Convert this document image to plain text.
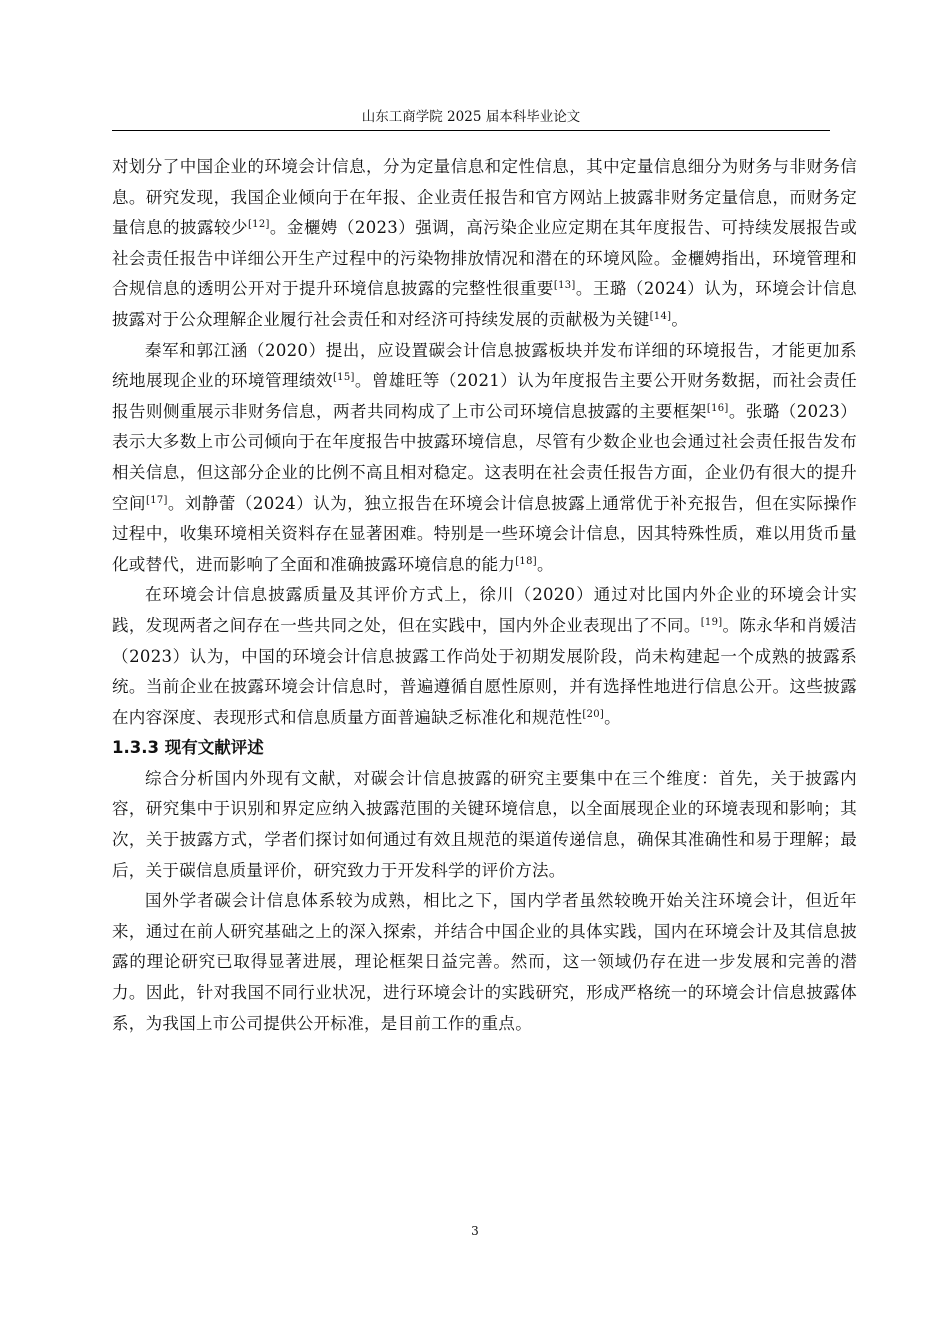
山东工商学院 2025 届本科毕业论文

对划分了中国企业的环境会计信息，分为定量信息和定性信息，其中定量信息细分为财务与非财务信息。研究发现，我国企业倾向于在年报、企业责任报告和官方网站上披露非财务定量信息，而财务定量信息的披露较少[12]。金欐娉（2023）强调，高污染企业应定期在其年度报告、可持续发展报告或社会责任报告中详细公开生产过程中的污染物排放情况和潜在的环境风险。金欐娉指出，环境管理和合规信息的透明公开对于提升环境信息披露的完整性很重要[13]。王璐（2024）认为，环境会计信息披露对于公众理解企业履行社会责任和对经济可持续发展的贡献极为关键[14]。

秦军和郭江涵（2020）提出，应设置碳会计信息披露板块并发布详细的环境报告，才能更加系统地展现企业的环境管理绩效[15]。曾雄旺等（2021）认为年度报告主要公开财务数据，而社会责任报告则侧重展示非财务信息，两者共同构成了上市公司环境信息披露的主要框架[16]。张璐（2023）表示大多数上市公司倾向于在年度报告中披露环境信息，尽管有少数企业也会通过社会责任报告发布相关信息，但这部分企业的比例不高且相对稳定。这表明在社会责任报告方面，企业仍有很大的提升空间[17]。刘静蕾（2024）认为，独立报告在环境会计信息披露上通常优于补充报告，但在实际操作过程中，收集环境相关资料存在显著困难。特别是一些环境会计信息，因其特殊性质，难以用货币量化或替代，进而影响了全面和准确披露环境信息的能力[18]。

在环境会计信息披露质量及其评价方式上，徐川（2020）通过对比国内外企业的环境会计实践，发现两者之间存在一些共同之处，但在实践中，国内外企业表现出了不同。[19]。陈永华和肖媛洁（2023）认为，中国的环境会计信息披露工作尚处于初期发展阶段，尚未构建起一个成熟的披露系统。当前企业在披露环境会计信息时，普遍遵循自愿性原则，并有选择性地进行信息公开。这些披露在内容深度、表现形式和信息质量方面普遍缺乏标准化和规范性[20]。

1.3.3 现有文献评述

综合分析国内外现有文献，对碳会计信息披露的研究主要集中在三个维度：首先，关于披露内容，研究集中于识别和界定应纳入披露范围的关键环境信息，以全面展现企业的环境表现和影响；其次，关于披露方式，学者们探讨如何通过有效且规范的渠道传递信息，确保其准确性和易于理解；最后，关于碳信息质量评价，研究致力于开发科学的评价方法。

国外学者碳会计信息体系较为成熟，相比之下，国内学者虽然较晚开始关注环境会计，但近年来，通过在前人研究基础之上的深入探索，并结合中国企业的具体实践，国内在环境会计及其信息披露的理论研究已取得显著进展，理论框架日益完善。然而，这一领域仍存在进一步发展和完善的潜力。因此，针对我国不同行业状况，进行环境会计的实践研究，形成严格统一的环境会计信息披露体系，为我国上市公司提供公开标准，是目前工作的重点。

3
